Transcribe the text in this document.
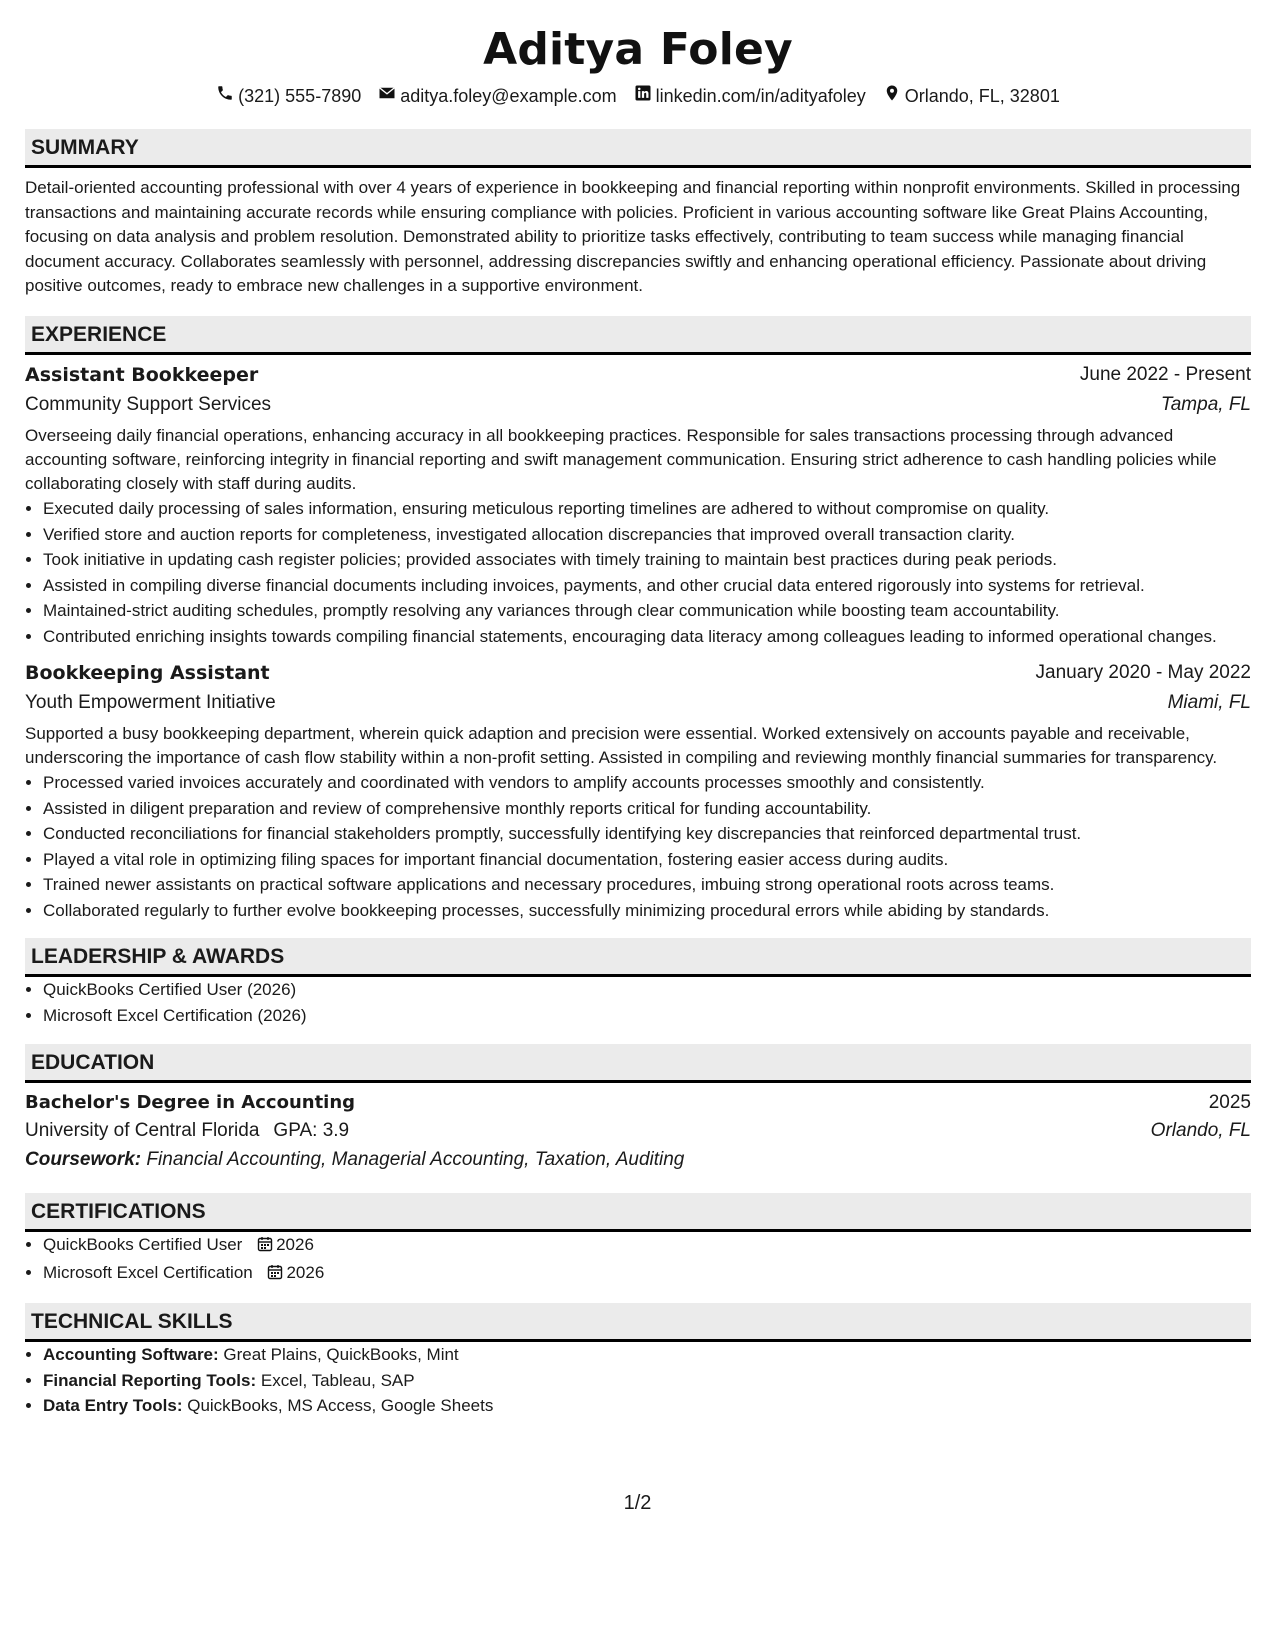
Aditya Foley
(321) 555-7890 aditya.foley@example.com linkedin.com/in/adityafoley Orlando, FL, 32801
SUMMARY
Detail-oriented accounting professional with over 4 years of experience in bookkeeping and financial reporting within nonprofit environments. Skilled in processing transactions and maintaining accurate records while ensuring compliance with policies. Proficient in various accounting software like Great Plains Accounting, focusing on data analysis and problem resolution. Demonstrated ability to prioritize tasks effectively, contributing to team success while managing financial document accuracy. Collaborates seamlessly with personnel, addressing discrepancies swiftly and enhancing operational efficiency. Passionate about driving positive outcomes, ready to embrace new challenges in a supportive environment.
EXPERIENCE
Assistant Bookkeeper	June 2022 - Present
Community Support Services	Tampa, FL
Overseeing daily financial operations, enhancing accuracy in all bookkeeping practices. Responsible for sales transactions processing through advanced accounting software, reinforcing integrity in financial reporting and swift management communication. Ensuring strict adherence to cash handling policies while collaborating closely with staff during audits.
• Executed daily processing of sales information, ensuring meticulous reporting timelines are adhered to without compromise on quality.
• Verified store and auction reports for completeness, investigated allocation discrepancies that improved overall transaction clarity.
• Took initiative in updating cash register policies; provided associates with timely training to maintain best practices during peak periods.
• Assisted in compiling diverse financial documents including invoices, payments, and other crucial data entered rigorously into systems for retrieval.
• Maintained-strict auditing schedules, promptly resolving any variances through clear communication while boosting team accountability.
• Contributed enriching insights towards compiling financial statements, encouraging data literacy among colleagues leading to informed operational changes.
Bookkeeping Assistant	January 2020 - May 2022
Youth Empowerment Initiative	Miami, FL
Supported a busy bookkeeping department, wherein quick adaption and precision were essential. Worked extensively on accounts payable and receivable, underscoring the importance of cash flow stability within a non-profit setting. Assisted in compiling and reviewing monthly financial summaries for transparency.
• Processed varied invoices accurately and coordinated with vendors to amplify accounts processes smoothly and consistently.
• Assisted in diligent preparation and review of comprehensive monthly reports critical for funding accountability.
• Conducted reconciliations for financial stakeholders promptly, successfully identifying key discrepancies that reinforced departmental trust.
• Played a vital role in optimizing filing spaces for important financial documentation, fostering easier access during audits.
• Trained newer assistants on practical software applications and necessary procedures, imbuing strong operational roots across teams.
• Collaborated regularly to further evolve bookkeeping processes, successfully minimizing procedural errors while abiding by standards.
LEADERSHIP & AWARDS
• QuickBooks Certified User (2026)
• Microsoft Excel Certification (2026)
EDUCATION
Bachelor's Degree in Accounting	2025
University of Central Florida GPA: 3.9	Orlando, FL
Coursework: Financial Accounting, Managerial Accounting, Taxation, Auditing
CERTIFICATIONS
• QuickBooks Certified User 2026
• Microsoft Excel Certification 2026
TECHNICAL SKILLS
• Accounting Software: Great Plains, QuickBooks, Mint
• Financial Reporting Tools: Excel, Tableau, SAP
• Data Entry Tools: QuickBooks, MS Access, Google Sheets
1/2
